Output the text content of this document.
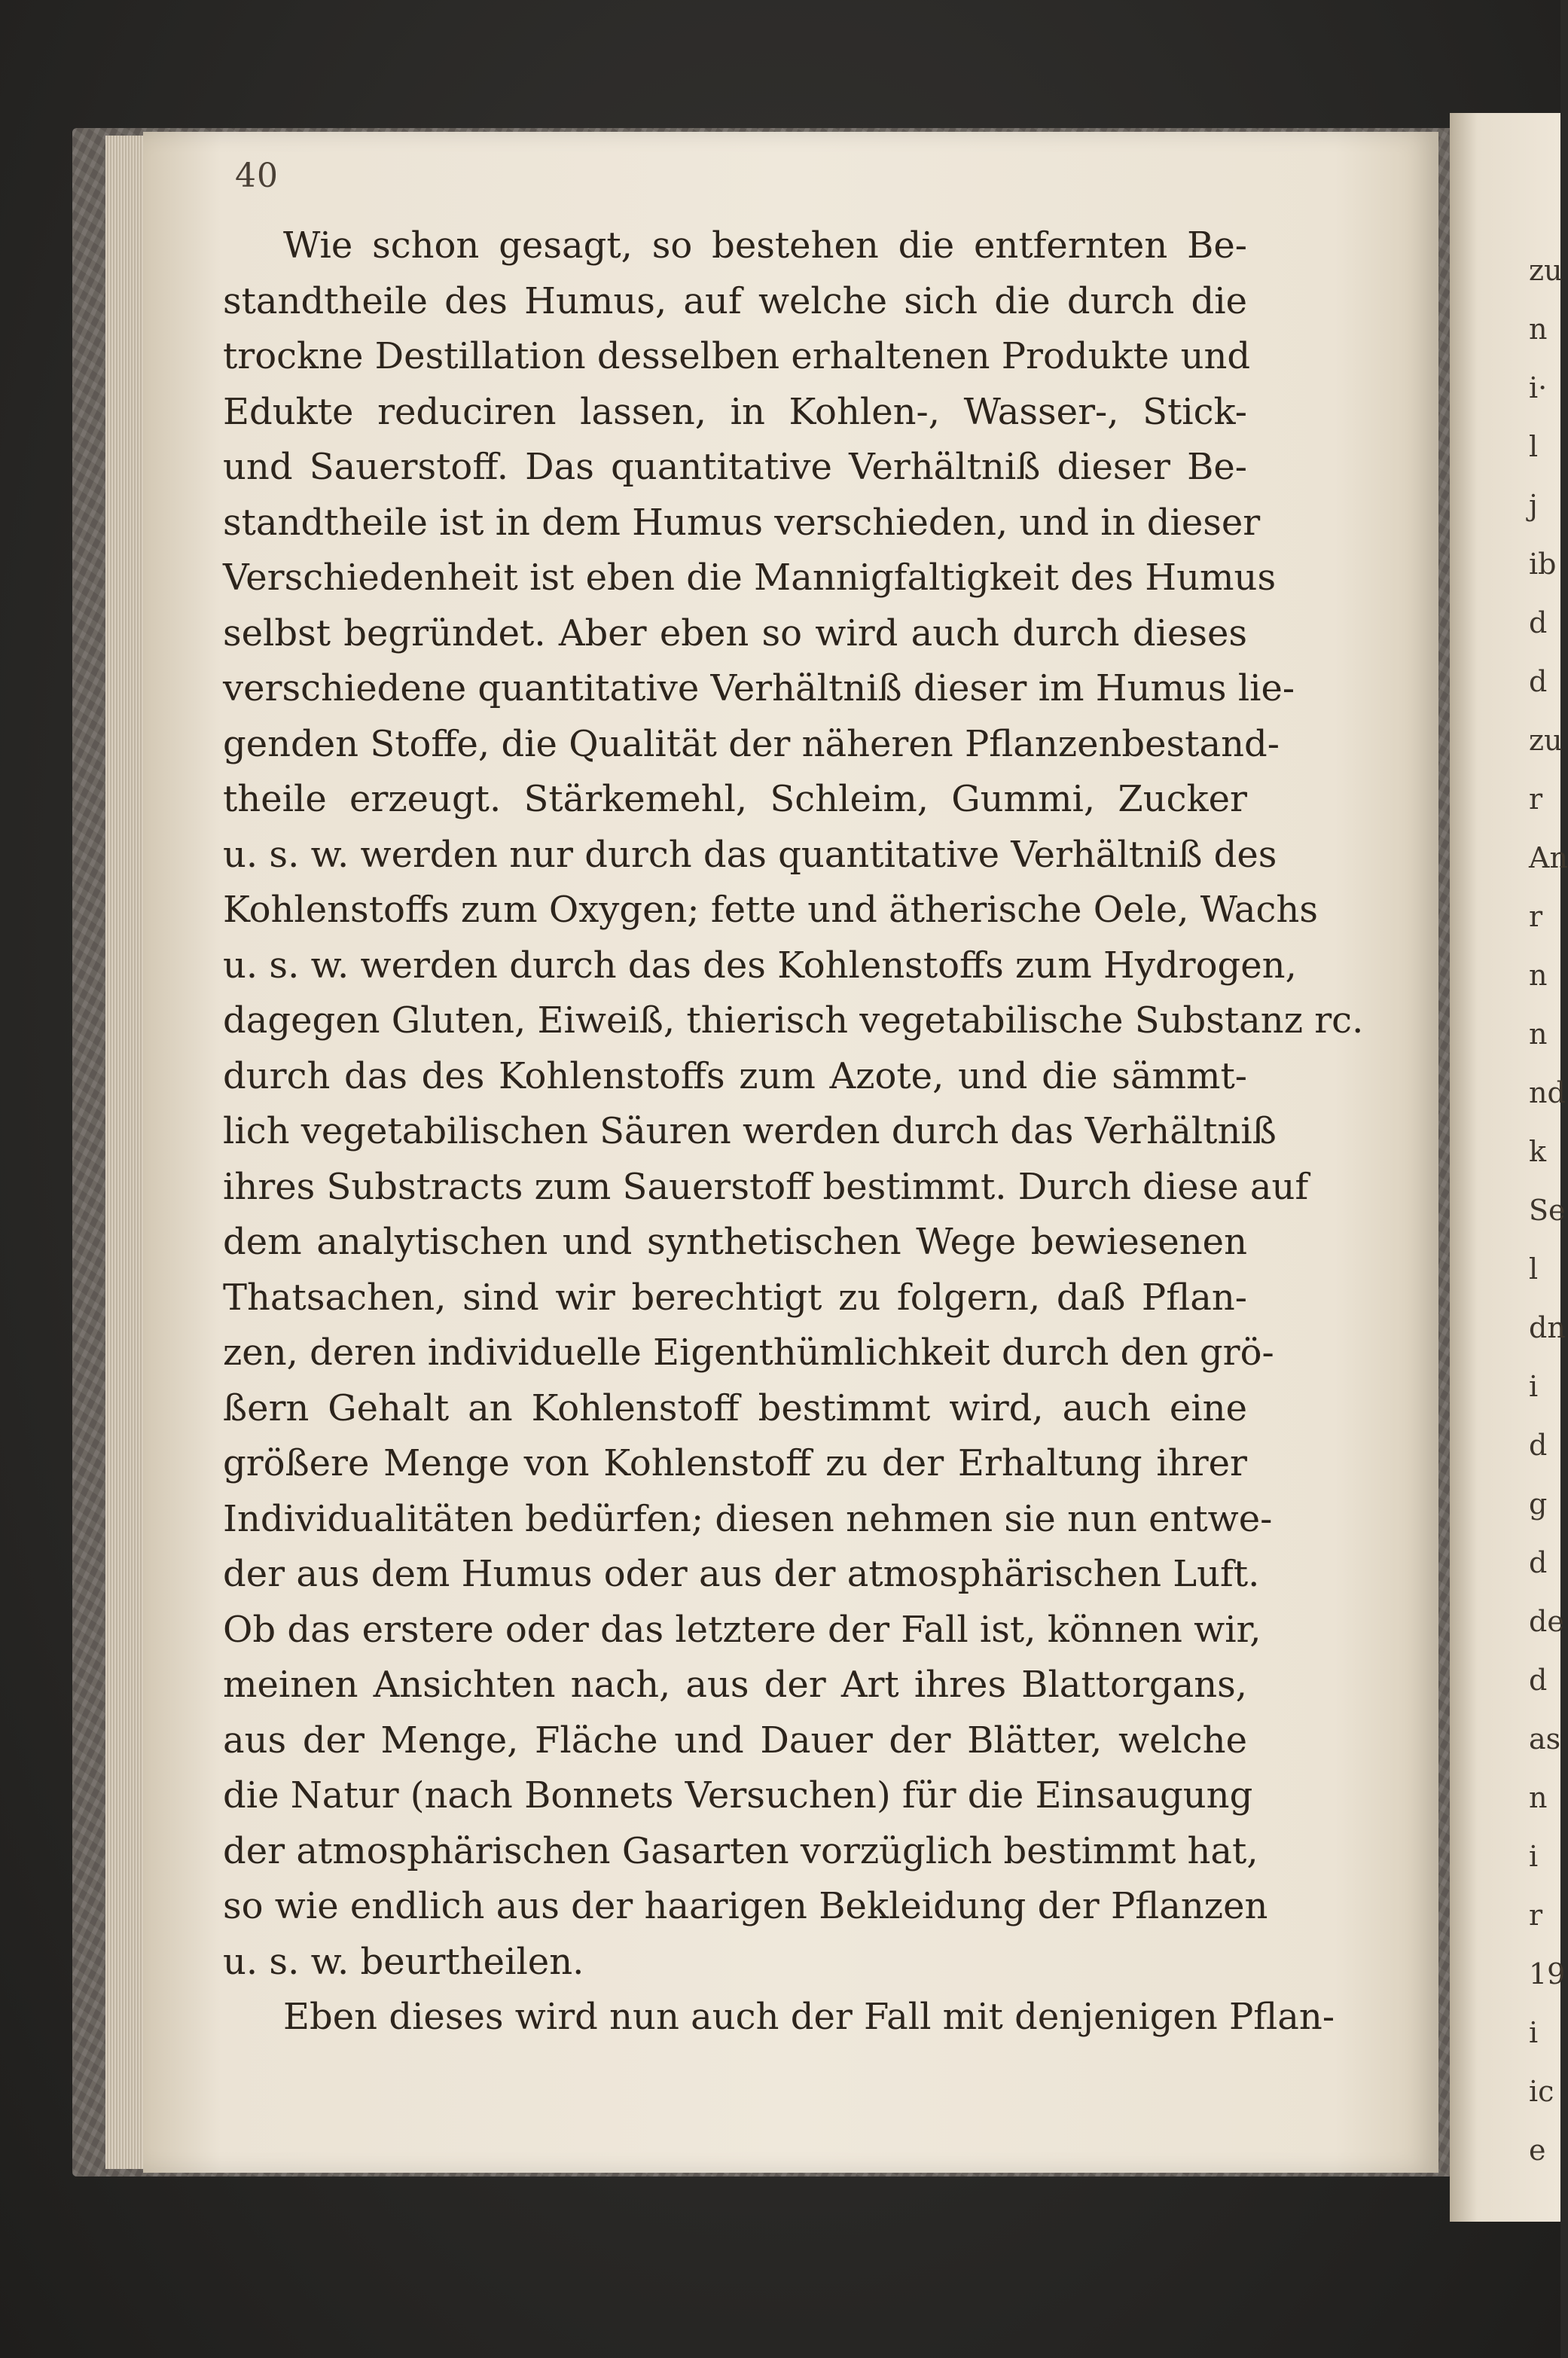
zu
n
i·
l
j
ib
d
d
zu
r
An
r
n
n
nd
k
Se
l
dn
i
d
g
d
de
d
as
n
i
r
19
i
ic
e
40
Wie schon gesagt, so bestehen die entfernten Be-
standtheile des Humus, auf welche sich die durch die
trockne Destillation desselben erhaltenen Produkte und
Edukte reduciren lassen, in Kohlen-, Wasser-, Stick-
und Sauerstoff. Das quantitative Verhältniß dieser Be-
standtheile ist in dem Humus verschieden, und in dieser
Verschiedenheit ist eben die Mannigfaltigkeit des Humus
selbst begründet. Aber eben so wird auch durch dieses
verschiedene quantitative Verhältniß dieser im Humus lie-
genden Stoffe, die Qualität der näheren Pflanzenbestand-
theile erzeugt. Stärkemehl, Schleim, Gummi, Zucker
u. s. w. werden nur durch das quantitative Verhältniß des
Kohlenstoffs zum Oxygen; fette und ätherische Oele, Wachs
u. s. w. werden durch das des Kohlenstoffs zum Hydrogen,
dagegen Gluten, Eiweiß, thierisch vegetabilische Substanz rc.
durch das des Kohlenstoffs zum Azote, und die sämmt-
lich vegetabilischen Säuren werden durch das Verhältniß
ihres Substracts zum Sauerstoff bestimmt. Durch diese auf
dem analytischen und synthetischen Wege bewiesenen
Thatsachen, sind wir berechtigt zu folgern, daß Pflan-
zen, deren individuelle Eigenthümlichkeit durch den grö-
ßern Gehalt an Kohlenstoff bestimmt wird, auch eine
größere Menge von Kohlenstoff zu der Erhaltung ihrer
Individualitäten bedürfen; diesen nehmen sie nun entwe-
der aus dem Humus oder aus der atmosphärischen Luft.
Ob das erstere oder das letztere der Fall ist, können wir,
meinen Ansichten nach, aus der Art ihres Blattorgans,
aus der Menge, Fläche und Dauer der Blätter, welche
die Natur (nach Bonnets Versuchen) für die Einsaugung
der atmosphärischen Gasarten vorzüglich bestimmt hat,
so wie endlich aus der haarigen Bekleidung der Pflanzen
u. s. w. beurtheilen.
Eben dieses wird nun auch der Fall mit denjenigen Pflan-
